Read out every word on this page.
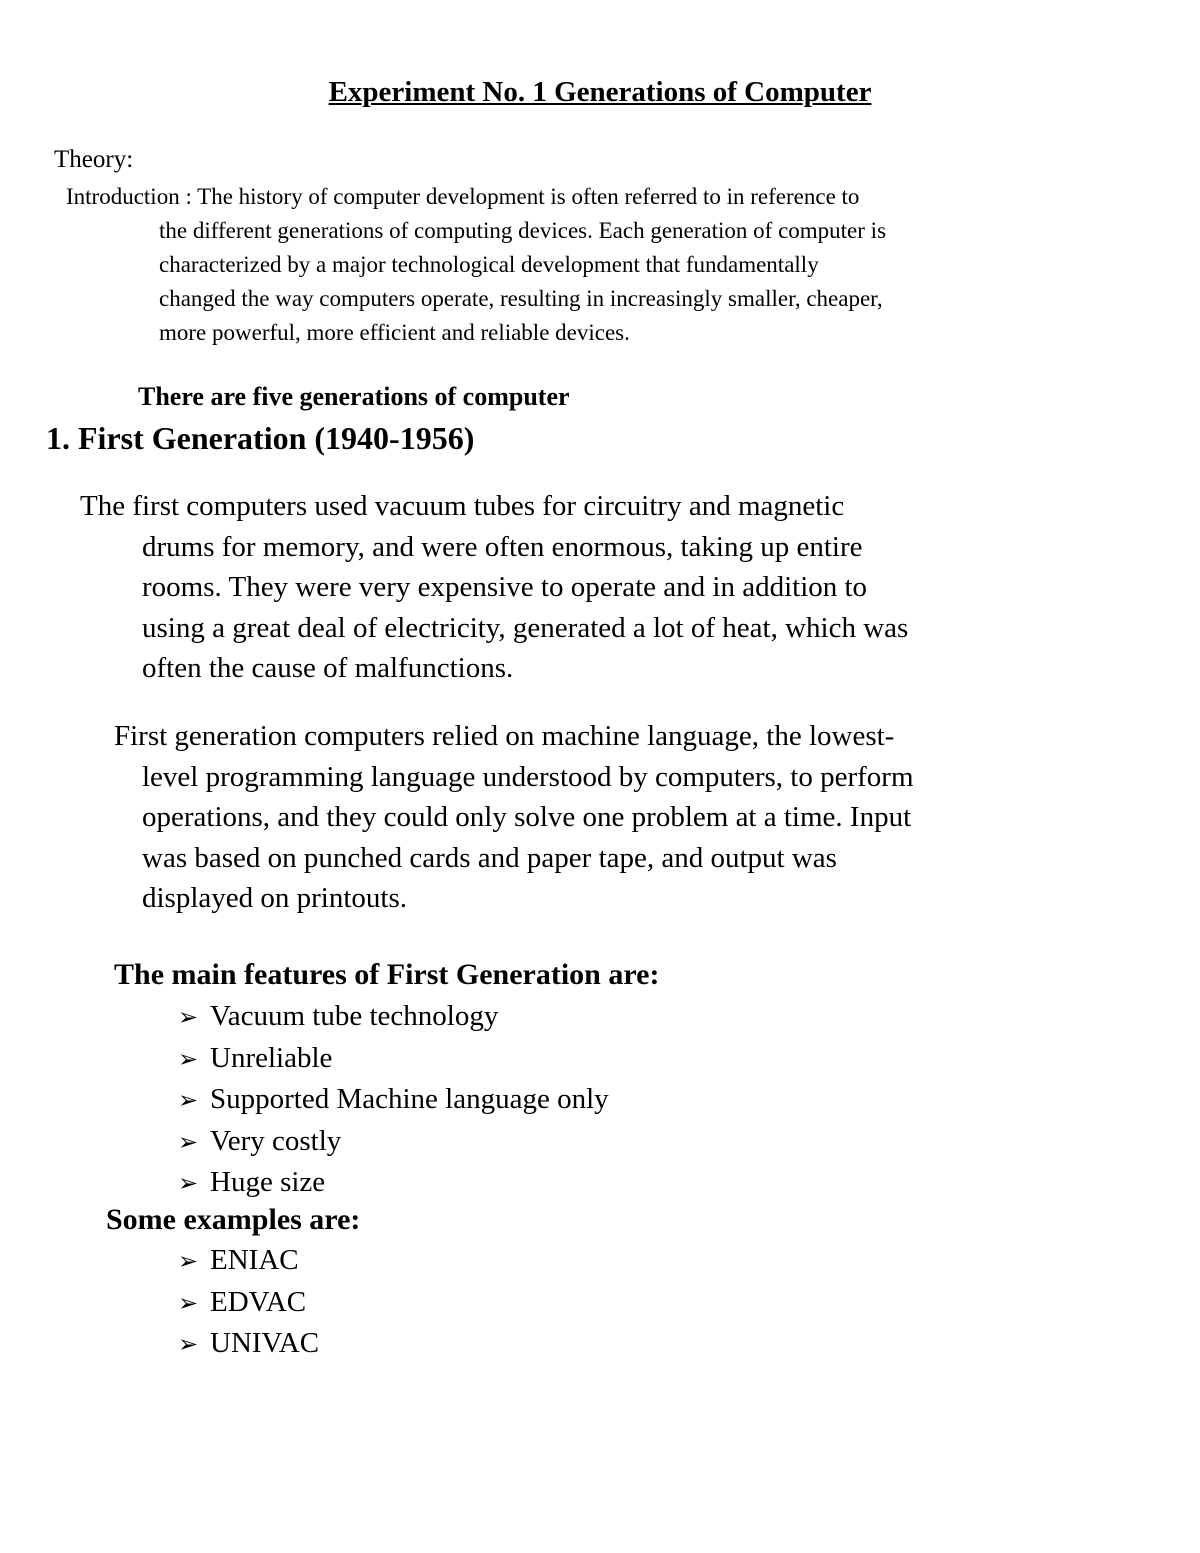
Experiment No. 1 Generations of Computer
Theory:
Introduction : The history of computer development is often referred to in reference to
the different generations of computing devices. Each generation of computer is
characterized by a major technological development that fundamentally
changed the way computers operate, resulting in increasingly smaller, cheaper,
more powerful, more efficient and reliable devices.
There are five generations of computer
1. First Generation (1940-1956)
The first computers used vacuum tubes for circuitry and magnetic
drums for memory, and were often enormous, taking up entire
rooms. They were very expensive to operate and in addition to
using a great deal of electricity, generated a lot of heat, which was
often the cause of malfunctions.
First generation computers relied on machine language, the lowest-
level programming language understood by computers, to perform
operations, and they could only solve one problem at a time. Input
was based on punched cards and paper tape, and output was
displayed on printouts.
The main features of First Generation are:
➢ Vacuum tube technology
➢ Unreliable
➢ Supported Machine language only
➢ Very costly
➢ Huge size
Some examples are:
➢ ENIAC
➢ EDVAC
➢ UNIVAC
